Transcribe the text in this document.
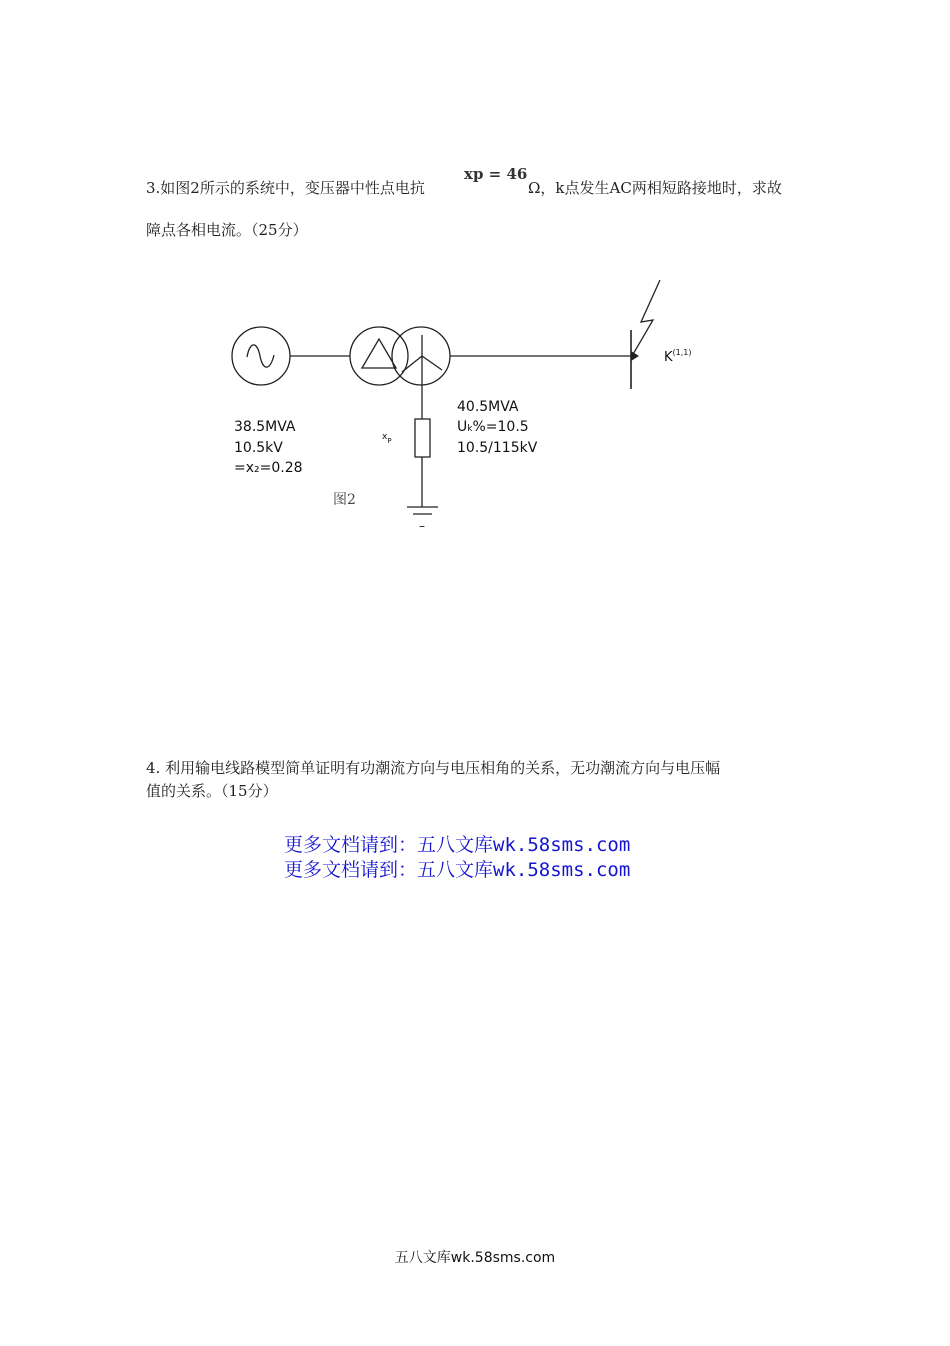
3.如图2所示的系统中，变压器中性点电抗
xp = 46
Ω，k点发生AC两相短路接地时，求故
障点各相电流。（25分）
40.5MVA
Uk%=10.5
10.5/115kV
38.5MVA
10.5kV
=x₂=0.28
$x_P$
K$^{(1,1)}$
图2
–
4. 利用输电线路模型简单证明有功潮流方向与电压相角的关系，无功潮流方向与电压幅
值的关系。（15分）
更多文档请到：五八文库wk.58sms.com
更多文档请到：五八文库wk.58sms.com
五八文库wk.58sms.com
